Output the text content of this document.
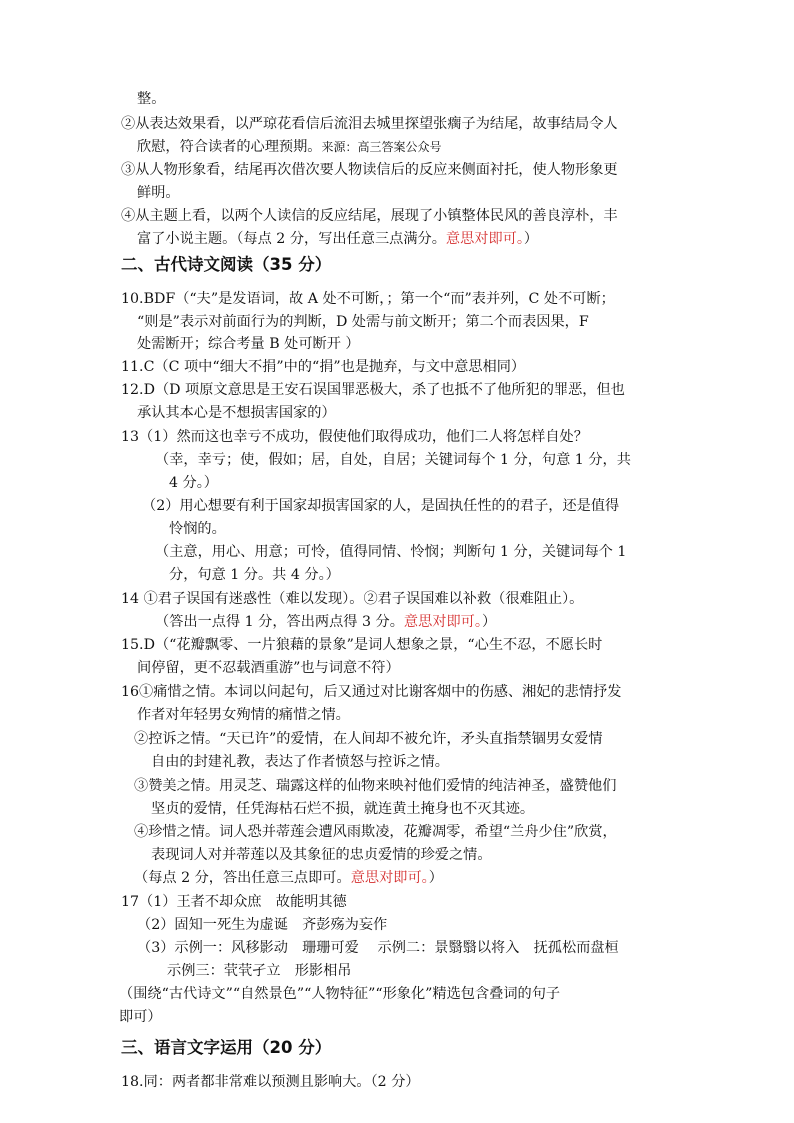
整。
②从表达效果看，以严琼花看信后流泪去城里探望张瘸子为结尾，故事结局令人
欣慰，符合读者的心理预期。来源：高三答案公众号
③从人物形象看，结尾再次借次要人物读信后的反应来侧面衬托，使人物形象更
鲜明。
④从主题上看，以两个人读信的反应结尾，展现了小镇整体民风的善良淳朴，丰
富了小说主题。（每点 2 分，写出任意三点满分。意思对即可。）
二、古代诗文阅读（35 分）
10.BDF（“夫”是发语词，故 A 处不可断，；第一个“而”表并列，C 处不可断；
“则是”表示对前面行为的判断，D 处需与前文断开；第二个而表因果，F
处需断开；综合考量 B 处可断开 ）
11.C（C 项中“细大不捐”中的“捐”也是抛弃，与文中意思相同）
12.D（D 项原文意思是王安石误国罪恶极大，杀了也抵不了他所犯的罪恶，但也
承认其本心是不想损害国家的）
13（1）然而这也幸亏不成功，假使他们取得成功，他们二人将怎样自处？
（幸，幸亏；使，假如；居，自处，自居；关键词每个 1 分，句意 1 分，共
4 分。）
（2）用心想要有利于国家却损害国家的人，是固执任性的的君子，还是值得
怜悯的。
（主意，用心、用意；可怜，值得同情、怜悯；判断句 1 分，关键词每个 1
分，句意 1 分。共 4 分。）
14 ①君子误国有迷惑性（难以发现）。②君子误国难以补救（很难阻止）。
（答出一点得 1 分，答出两点得 3 分。意思对即可。）
15.D（“花瓣飘零、一片狼藉的景象”是词人想象之景，“心生不忍，不愿长时
间停留，更不忍载酒重游”也与词意不符）
16①痛惜之情。本词以问起句，后又通过对比谢客烟中的伤感、湘妃的悲情抒发
作者对年轻男女殉情的痛惜之情。
②控诉之情。“天已许”的爱情，在人间却不被允许，矛头直指禁锢男女爱情
自由的封建礼教，表达了作者愤怒与控诉之情。
③赞美之情。用灵芝、瑞露这样的仙物来映衬他们爱情的纯洁神圣，盛赞他们
坚贞的爱情，任凭海枯石烂不损，就连黄土掩身也不灭其迹。
④珍惜之情。词人恐并蒂莲会遭风雨欺凌，花瓣凋零，希望“兰舟少住”欣赏，
表现词人对并蒂莲以及其象征的忠贞爱情的珍爱之情。
（每点 2 分，答出任意三点即可。意思对即可。）
17（1）王者不却众庶　故能明其德
（2）固知一死生为虚诞　齐彭殇为妄作
（3）示例一：风移影动　珊珊可爱　 示例二：景翳翳以将入　抚孤松而盘桓
示例三：茕茕孑立　形影相吊
（围绕“古代诗文”“自然景色”“人物特征”“形象化”精选包含叠词的句子
即可）
三、语言文字运用（20 分）
18.同：两者都非常难以预测且影响大。（2 分）
